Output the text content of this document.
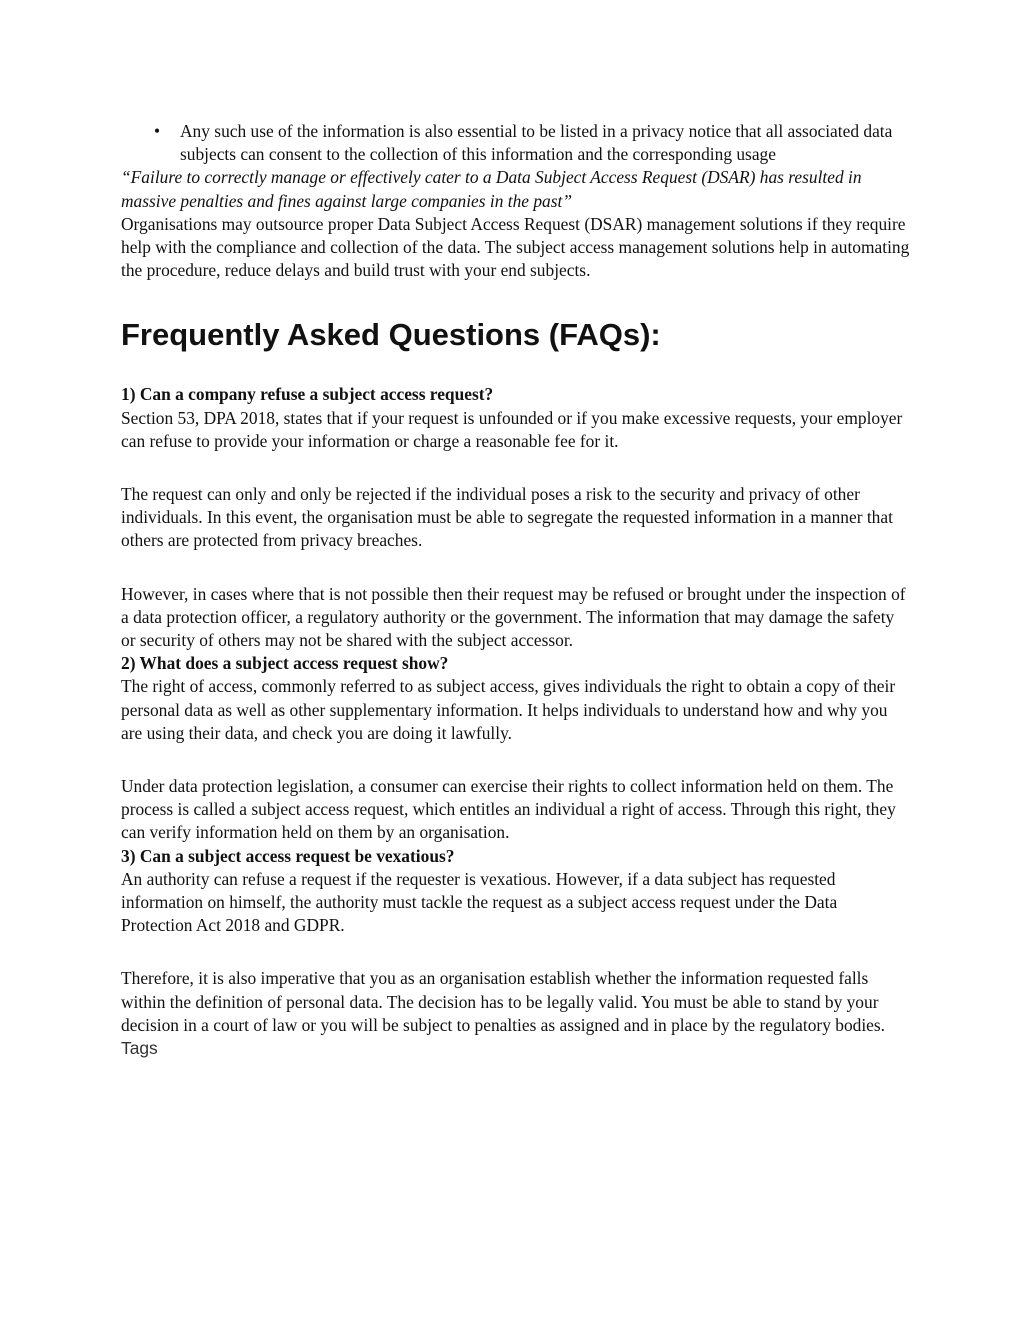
• Any such use of the information is also essential to be listed in a privacy notice that all associated data subjects can consent to the collection of this information and the corresponding usage

“Failure to correctly manage or effectively cater to a Data Subject Access Request (DSAR) has resulted in massive penalties and fines against large companies in the past”

Organisations may outsource proper Data Subject Access Request (DSAR) management solutions if they require help with the compliance and collection of the data. The subject access management solutions help in automating the procedure, reduce delays and build trust with your end subjects.

Frequently Asked Questions (FAQs):

1) Can a company refuse a subject access request?

Section 53, DPA 2018, states that if your request is unfounded or if you make excessive requests, your employer can refuse to provide your information or charge a reasonable fee for it.

The request can only and only be rejected if the individual poses a risk to the security and privacy of other individuals. In this event, the organisation must be able to segregate the requested information in a manner that others are protected from privacy breaches.

However, in cases where that is not possible then their request may be refused or brought under the inspection of a data protection officer, a regulatory authority or the government. The information that may damage the safety or security of others may not be shared with the subject accessor.

2) What does a subject access request show?

The right of access, commonly referred to as subject access, gives individuals the right to obtain a copy of their personal data as well as other supplementary information. It helps individuals to understand how and why you are using their data, and check you are doing it lawfully.

Under data protection legislation, a consumer can exercise their rights to collect information held on them. The process is called a subject access request, which entitles an individual a right of access. Through this right, they can verify information held on them by an organisation.

3) Can a subject access request be vexatious?

An authority can refuse a request if the requester is vexatious. However, if a data subject has requested information on himself, the authority must tackle the request as a subject access request under the Data Protection Act 2018 and GDPR.

Therefore, it is also imperative that you as an organisation establish whether the information requested falls within the definition of personal data. The decision has to be legally valid. You must be able to stand by your decision in a court of law or you will be subject to penalties as assigned and in place by the regulatory bodies.

Tags
